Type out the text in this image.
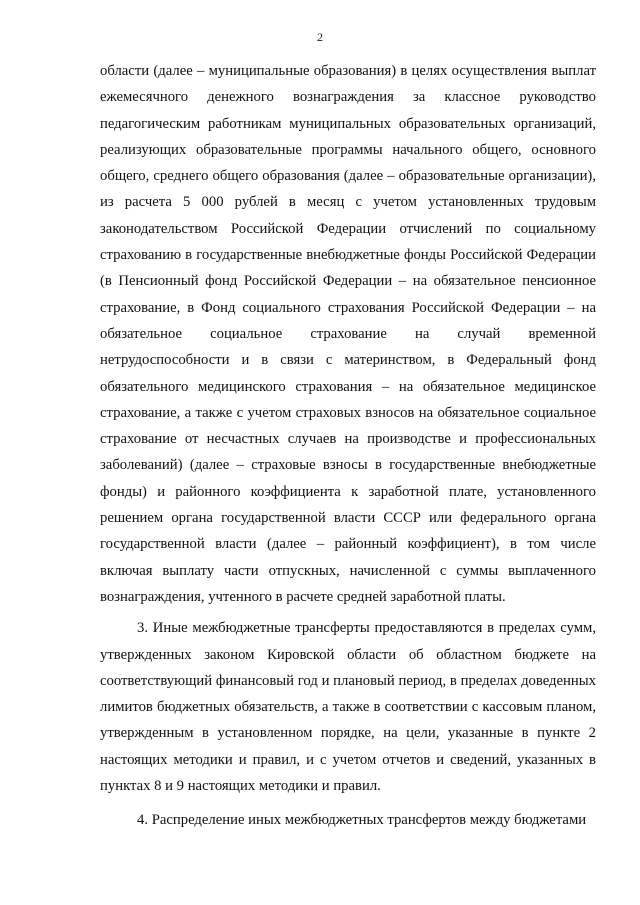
2

области (далее – муниципальные образования) в целях осуществления выплат ежемесячного денежного вознаграждения за классное руководство педагогическим работникам муниципальных образовательных организаций, реализующих образовательные программы начального общего, основного общего, среднего общего образования (далее – образовательные организации), из расчета 5 000 рублей в месяц с учетом установленных трудовым законодательством Российской Федерации отчислений по социальному страхованию в государственные внебюджетные фонды Российской Федерации (в Пенсионный фонд Российской Федерации – на обязательное пенсионное страхование, в Фонд социального страхования Российской Федерации – на обязательное социальное страхование на случай временной нетрудоспособности и в связи с материнством, в Федеральный фонд обязательного медицинского страхования – на обязательное медицинское страхование, а также с учетом страховых взносов на обязательное социальное страхование от несчастных случаев на производстве и профессиональных заболеваний) (далее – страховые взносы в государственные внебюджетные фонды) и районного коэффициента к заработной плате, установленного решением органа государственной власти СССР или федерального органа государственной власти (далее – районный коэффициент), в том числе включая выплату части отпускных, начисленной с суммы выплаченного вознаграждения, учтенного в расчете средней заработной платы.

3. Иные межбюджетные трансферты предоставляются в пределах сумм, утвержденных законом Кировской области об областном бюджете на соответствующий финансовый год и плановый период, в пределах доведенных лимитов бюджетных обязательств, а также в соответствии с кассовым планом, утвержденным в установленном порядке, на цели, указанные в пункте 2 настоящих методики и правил, и с учетом отчетов и сведений, указанных в пунктах 8 и 9 настоящих методики и правил.

4. Распределение иных межбюджетных трансфертов между бюджетами
